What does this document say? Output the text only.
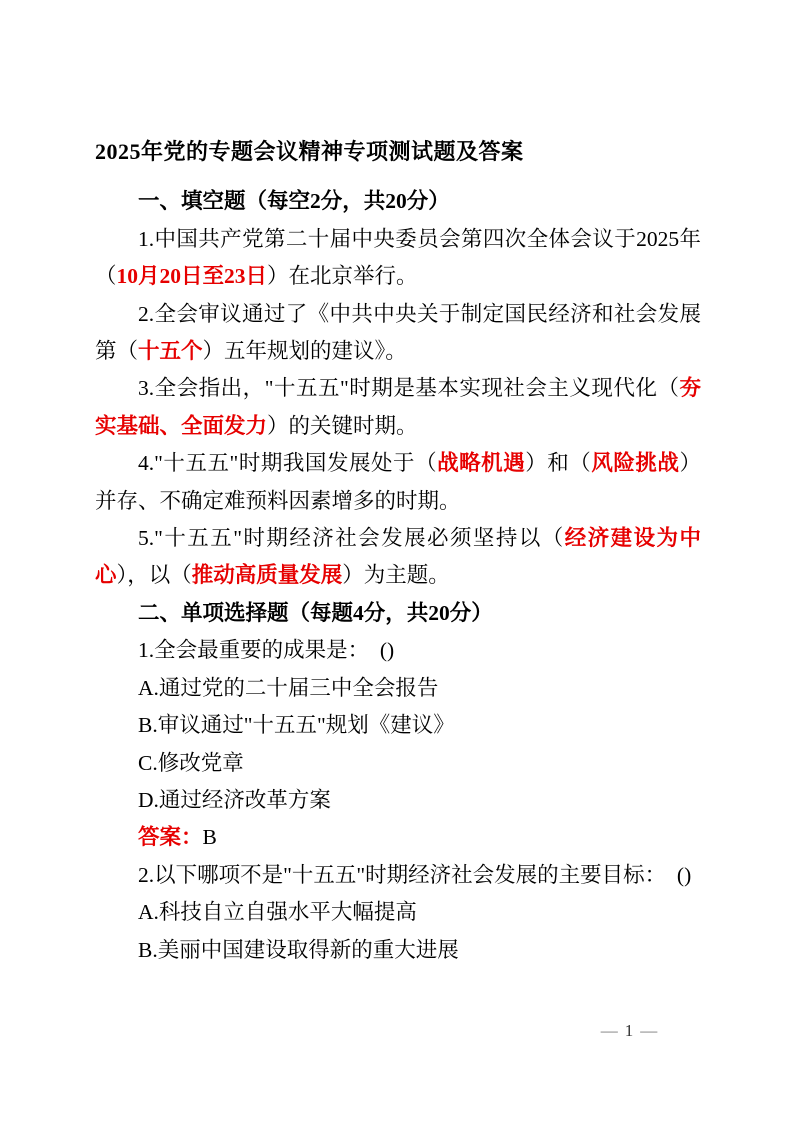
2025年党的专题会议精神专项测试题及答案

一、填空题（每空2分，共20分）

1.中国共产党第二十届中央委员会第四次全体会议于2025年（10月20日至23日）在北京举行。

2.全会审议通过了《中共中央关于制定国民经济和社会发展第（十五个）五年规划的建议》。

3.全会指出，"十五五"时期是基本实现社会主义现代化（夯实基础、全面发力）的关键时期。

4."十五五"时期我国发展处于（战略机遇）和（风险挑战）并存、不确定难预料因素增多的时期。

5."十五五"时期经济社会发展必须坚持以（经济建设为中心），以（推动高质量发展）为主题。

二、单项选择题（每题4分，共20分）

1.全会最重要的成果是：　()

A.通过党的二十届三中全会报告

B.审议通过"十五五"规划《建议》

C.修改党章

D.通过经济改革方案

答案：B

2.以下哪项不是"十五五"时期经济社会发展的主要目标：　()

A.科技自立自强水平大幅提高

B.美丽中国建设取得新的重大进展

— 1 —
